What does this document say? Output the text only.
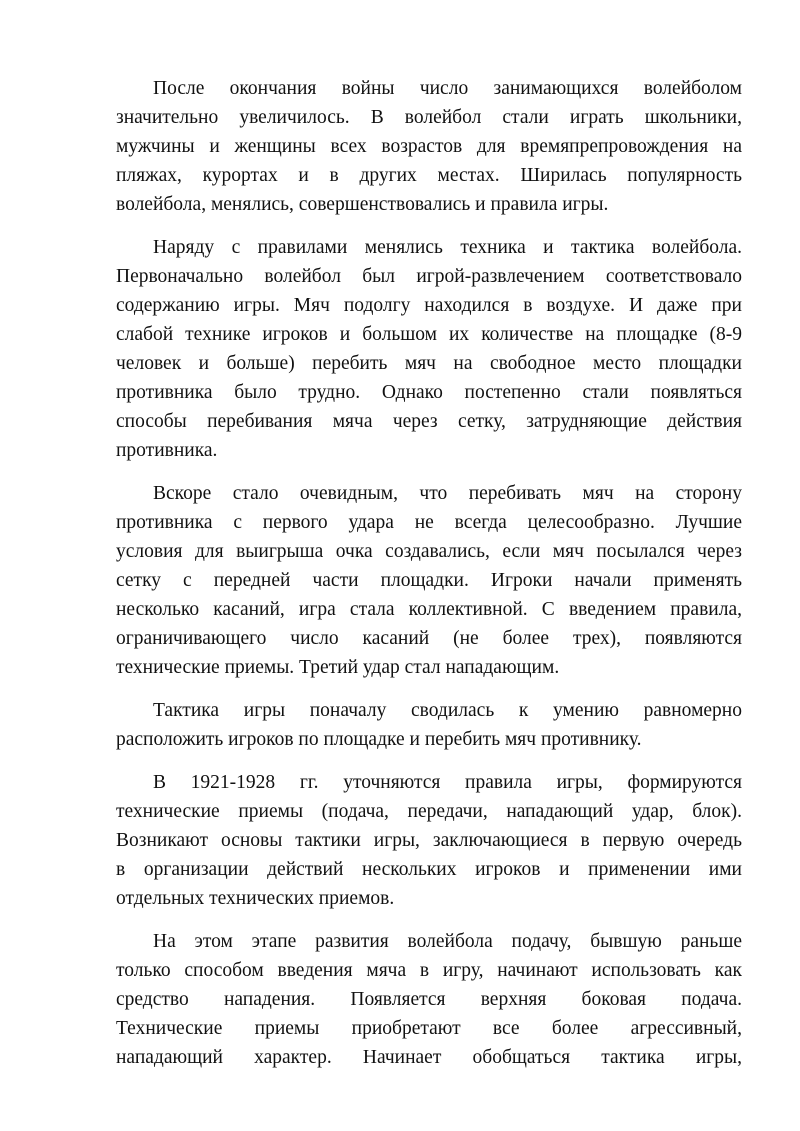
После окончания войны число занимающихся волейболом
значительно увеличилось. В волейбол стали играть школьники,
мужчины и женщины всех возрастов для времяпрепровождения на
пляжах, курортах и в других местах. Ширилась популярность
волейбола, менялись, совершенствовались и правила игры.
Наряду с правилами менялись техника и тактика волейбола.
Первоначально волейбол был игрой-развлечением соответствовало
содержанию игры. Мяч подолгу находился в воздухе. И даже при
слабой технике игроков и большом их количестве на площадке (8-9
человек и больше) перебить мяч на свободное место площадки
противника было трудно. Однако постепенно стали появляться
способы перебивания мяча через сетку, затрудняющие действия
противника.
Вскоре стало очевидным, что перебивать мяч на сторону
противника с первого удара не всегда целесообразно. Лучшие
условия для выигрыша очка создавались, если мяч посылался через
сетку с передней части площадки. Игроки начали применять
несколько касаний, игра стала коллективной. С введением правила,
ограничивающего число касаний (не более трех), появляются
технические приемы. Третий удар стал нападающим.
Тактика игры поначалу сводилась к умению равномерно
расположить игроков по площадке и перебить мяч противнику.
В 1921-1928 гг. уточняются правила игры, формируются
технические приемы (подача, передачи, нападающий удар, блок).
Возникают основы тактики игры, заключающиеся в первую очередь
в организации действий нескольких игроков и применении ими
отдельных технических приемов.
На этом этапе развития волейбола подачу, бывшую раньше
только способом введения мяча в игру, начинают использовать как
средство нападения. Появляется верхняя боковая подача.
Технические приемы приобретают все более агрессивный,
нападающий характер. Начинает обобщаться тактика игры,
